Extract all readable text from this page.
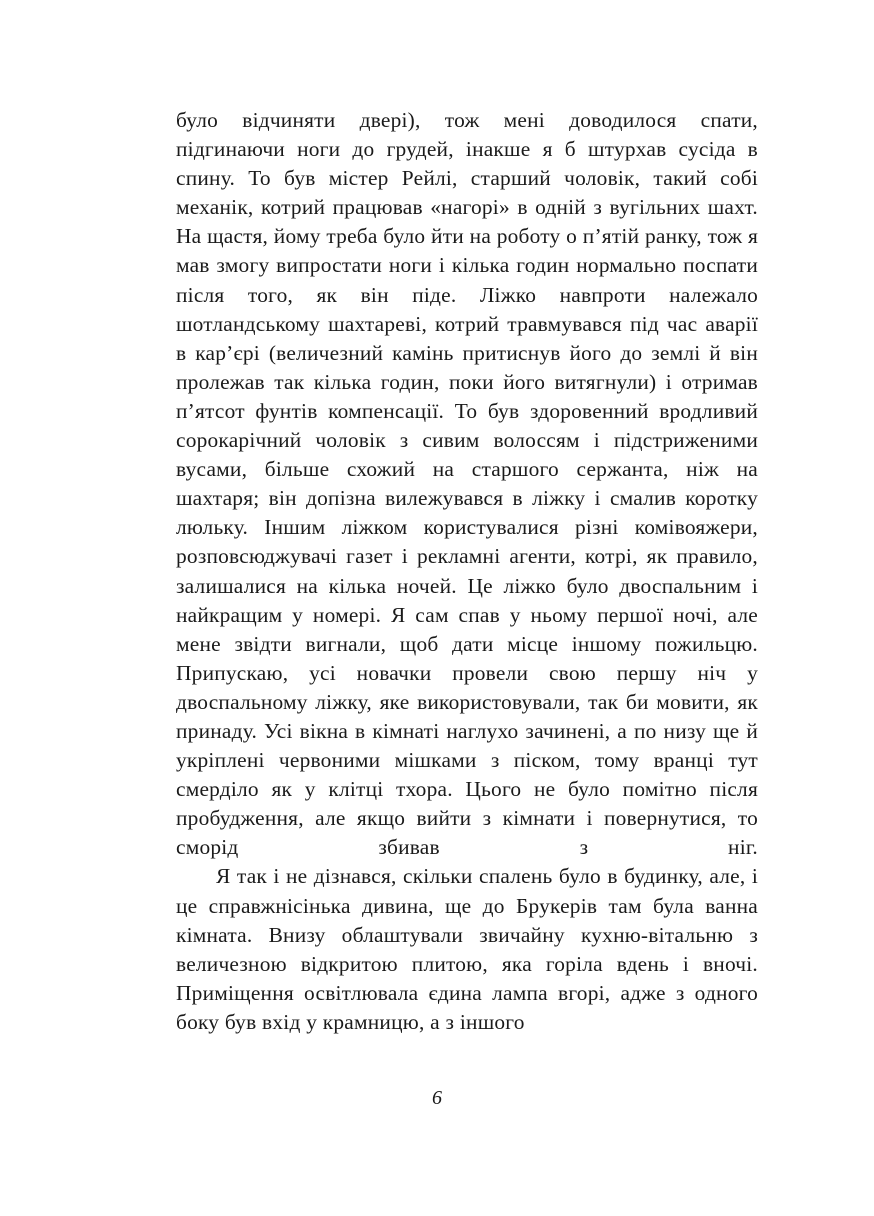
було відчиняти двері), тож мені доводилося спати, підгинаючи ноги до грудей, інакше я б штурхав сусіда в спину. То був містер Рейлі, старший чоловік, такий собі механік, котрий працював «нагорі» в одній з вугільних шахт. На щастя, йому треба було йти на роботу о п’ятій ранку, тож я мав змогу випростати ноги і кілька годин нормально поспати після того, як він піде. Ліжко навпроти належало шотландському шахтареві, котрий травмувався під час аварії в кар’єрі (величезний камінь притиснув його до землі й він пролежав так кілька годин, поки його витягнули) і отримав п’ятсот фунтів компенсації. То був здоровенний вродливий сорокарічний чоловік з сивим волоссям і підстриженими вусами, більше схожий на старшого сержанта, ніж на шахтаря; він допізна вилежувався в ліжку і смалив коротку люльку. Іншим ліжком користувалися різні комівояжери, розповсюджувачі газет і рекламні агенти, котрі, як правило, залишалися на кілька ночей. Це ліжко було двоспальним і найкращим у номері. Я сам спав у ньому першої ночі, але мене звідти вигнали, щоб дати місце іншому пожильцю. Припускаю, усі новачки провели свою першу ніч у двоспальному ліжку, яке використовували, так би мовити, як принаду. Усі вікна в кімнаті наглухо зачинені, а по низу ще й укріплені червоними мішками з піском, тому вранці тут смерділо як у клітці тхора. Цього не було помітно після пробудження, але якщо вийти з кімнати і повернутися, то сморід збивав з ніг.

Я так і не дізнався, скільки спалень було в будинку, але, і це справжнісінька дивина, ще до Брукерів там була ванна кімната. Внизу облаштували звичайну кухню-вітальню з величезною відкритою плитою, яка горіла вдень і вночі. Приміщення освітлювала єдина лампа вгорі, адже з одного боку був вхід у крамницю, а з іншого

6
